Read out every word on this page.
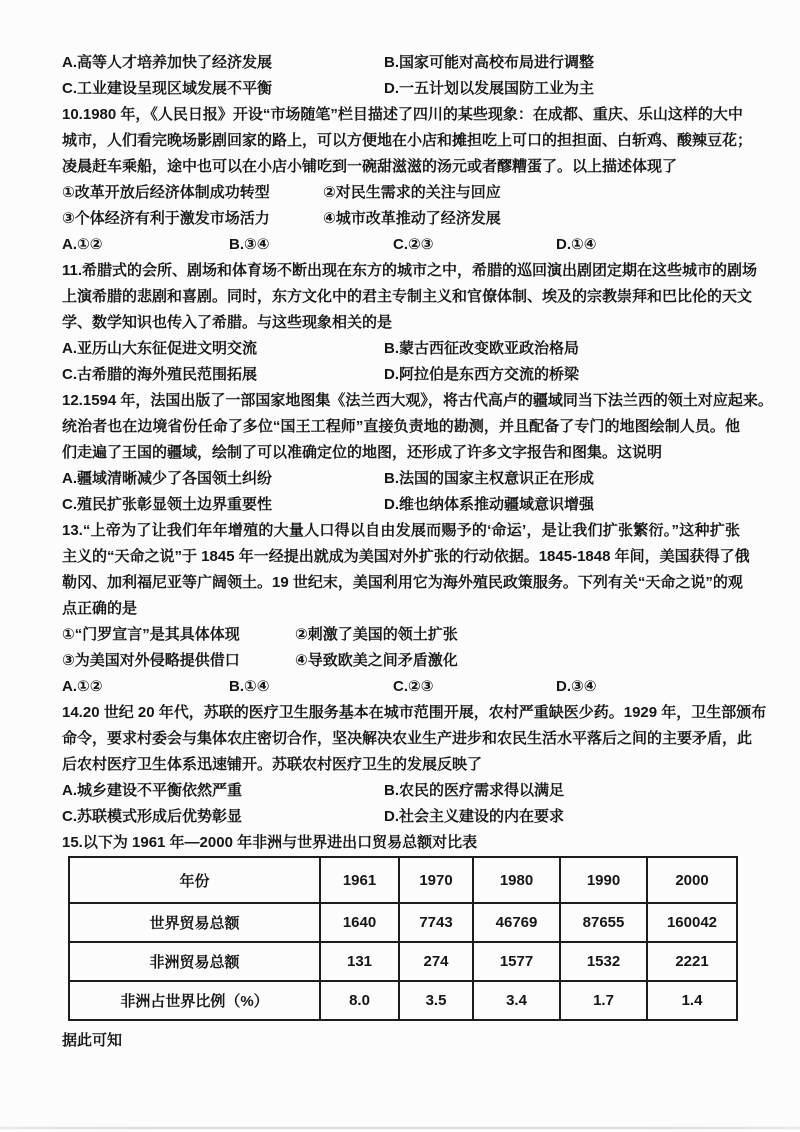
A.高等人才培养加快了经济发展	B.国家可能对高校布局进行调整
C.工业建设呈现区域发展不平衡	D.一五计划以发展国防工业为主
10.1980 年，《人民日报》开设“市场随笔”栏目描述了四川的某些现象：在成都、重庆、乐山这样的大中
城市，人们看完晚场影剧回家的路上，可以方便地在小店和摊担吃上可口的担担面、白斩鸡、酸辣豆花；
凌晨赶车乘船，途中也可以在小店小铺吃到一碗甜滋滋的汤元或者醪糟蛋了。以上描述体现了
①改革开放后经济体制成功转型	②对民生需求的关注与回应
③个体经济有利于激发市场活力	④城市改革推动了经济发展
A.①②	B.③④	C.②③	D.①④
11.希腊式的会所、剧场和体育场不断出现在东方的城市之中，希腊的巡回演出剧团定期在这些城市的剧场
上演希腊的悲剧和喜剧。同时，东方文化中的君主专制主义和官僚体制、埃及的宗教崇拜和巴比伦的天文
学、数学知识也传入了希腊。与这些现象相关的是
A.亚历山大东征促进文明交流	B.蒙古西征改变欧亚政治格局
C.古希腊的海外殖民范围拓展	D.阿拉伯是东西方交流的桥梁
12.1594 年，法国出版了一部国家地图集《法兰西大观》，将古代高卢的疆域同当下法兰西的领土对应起来。
统治者也在边境省份任命了多位“国王工程师”直接负责地的勘测，并且配备了专门的地图绘制人员。他
们走遍了王国的疆域，绘制了可以准确定位的地图，还形成了许多文字报告和图集。这说明
A.疆域清晰减少了各国领土纠纷	B.法国的国家主权意识正在形成
C.殖民扩张彰显领土边界重要性	D.维也纳体系推动疆域意识增强
13.“上帝为了让我们年年增殖的大量人口得以自由发展而赐予的‘命运’，是让我们扩张繁衍。”这种扩张
主义的“天命之说”于 1845 年一经提出就成为美国对外扩张的行动依据。1845-1848 年间，美国获得了俄
勒冈、加利福尼亚等广阔领土。19 世纪末，美国利用它为海外殖民政策服务。下列有关“天命之说”的观
点正确的是
①“门罗宣言”是其具体体现	②刺激了美国的领土扩张
③为美国对外侵略提供借口	④导致欧美之间矛盾激化
A.①②	B.①④	C.②③	D.③④
14.20 世纪 20 年代，苏联的医疗卫生服务基本在城市范围开展，农村严重缺医少药。1929 年，卫生部颁布
命令，要求村委会与集体农庄密切合作，坚决解决农业生产进步和农民生活水平落后之间的主要矛盾，此
后农村医疗卫生体系迅速铺开。苏联农村医疗卫生的发展反映了
A.城乡建设不平衡依然严重	B.农民的医疗需求得以满足
C.苏联模式形成后优势彰显	D.社会主义建设的内在要求
15.以下为 1961 年—2000 年非洲与世界进出口贸易总额对比表
年份	1961	1970	1980	1990	2000
世界贸易总额	1640	7743	46769	87655	160042
非洲贸易总额	131	274	1577	1532	2221
非洲占世界比例（%）	8.0	3.5	3.4	1.7	1.4
据此可知
